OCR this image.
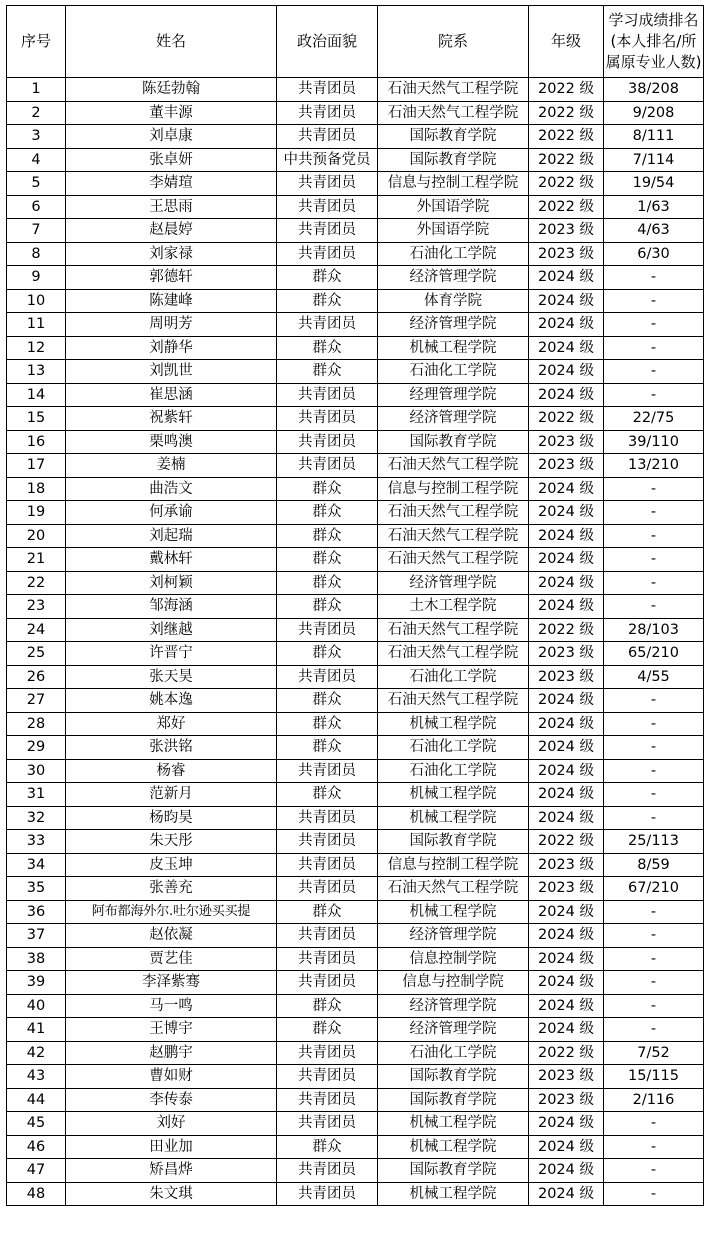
序号	姓名	政治面貌	院系	年级	学习成绩排名(本人排名/所属原专业人数)
1	陈廷勃翰	共青团员	石油天然气工程学院	2022 级	38/208
2	董丰源	共青团员	石油天然气工程学院	2022 级	9/208
3	刘卓康	共青团员	国际教育学院	2022 级	8/111
4	张卓妍	中共预备党员	国际教育学院	2022 级	7/114
5	李婧瑄	共青团员	信息与控制工程学院	2022 级	19/54
6	王思雨	共青团员	外国语学院	2022 级	1/63
7	赵晨婷	共青团员	外国语学院	2023 级	4/63
8	刘家禄	共青团员	石油化工学院	2023 级	6/30
9	郭德轩	群众	经济管理学院	2024 级	-
10	陈建峰	群众	体育学院	2024 级	-
11	周明芳	共青团员	经济管理学院	2024 级	-
12	刘静华	群众	机械工程学院	2024 级	-
13	刘凯世	群众	石油化工学院	2024 级	-
14	崔思涵	共青团员	经理管理学院	2024 级	-
15	祝紫轩	共青团员	经济管理学院	2022 级	22/75
16	栗鸣澳	共青团员	国际教育学院	2023 级	39/110
17	姜楠	共青团员	石油天然气工程学院	2023 级	13/210
18	曲浩文	群众	信息与控制工程学院	2024 级	-
19	何承谕	群众	石油天然气工程学院	2024 级	-
20	刘起瑞	群众	石油天然气工程学院	2024 级	-
21	戴林轩	群众	石油天然气工程学院	2024 级	-
22	刘柯颖	群众	经济管理学院	2024 级	-
23	邹海涵	群众	土木工程学院	2024 级	-
24	刘继越	共青团员	石油天然气工程学院	2022 级	28/103
25	许晋宁	群众	石油天然气工程学院	2023 级	65/210
26	张天昊	共青团员	石油化工学院	2023 级	4/55
27	姚本逸	群众	石油天然气工程学院	2024 级	-
28	郑好	群众	机械工程学院	2024 级	-
29	张洪铭	群众	石油化工学院	2024 级	-
30	杨睿	共青团员	石油化工学院	2024 级	-
31	范新月	群众	机械工程学院	2024 级	-
32	杨昀昊	共青团员	机械工程学院	2024 级	-
33	朱天彤	共青团员	国际教育学院	2022 级	25/113
34	皮玉坤	共青团员	信息与控制工程学院	2023 级	8/59
35	张善充	共青团员	石油天然气工程学院	2023 级	67/210
36	阿布都海外尔.吐尔逊买买提	群众	机械工程学院	2024 级	-
37	赵依凝	共青团员	经济管理学院	2024 级	-
38	贾艺佳	共青团员	信息控制学院	2024 级	-
39	李泽紫骞	共青团员	信息与控制学院	2024 级	-
40	马一鸣	群众	经济管理学院	2024 级	-
41	王博宇	群众	经济管理学院	2024 级	-
42	赵鹏宇	共青团员	石油化工学院	2022 级	7/52
43	曹如财	共青团员	国际教育学院	2023 级	15/115
44	李传泰	共青团员	国际教育学院	2023 级	2/116
45	刘好	共青团员	机械工程学院	2024 级	-
46	田业加	群众	机械工程学院	2024 级	-
47	矫昌烨	共青团员	国际教育学院	2024 级	-
48	朱文琪	共青团员	机械工程学院	2024 级	-
